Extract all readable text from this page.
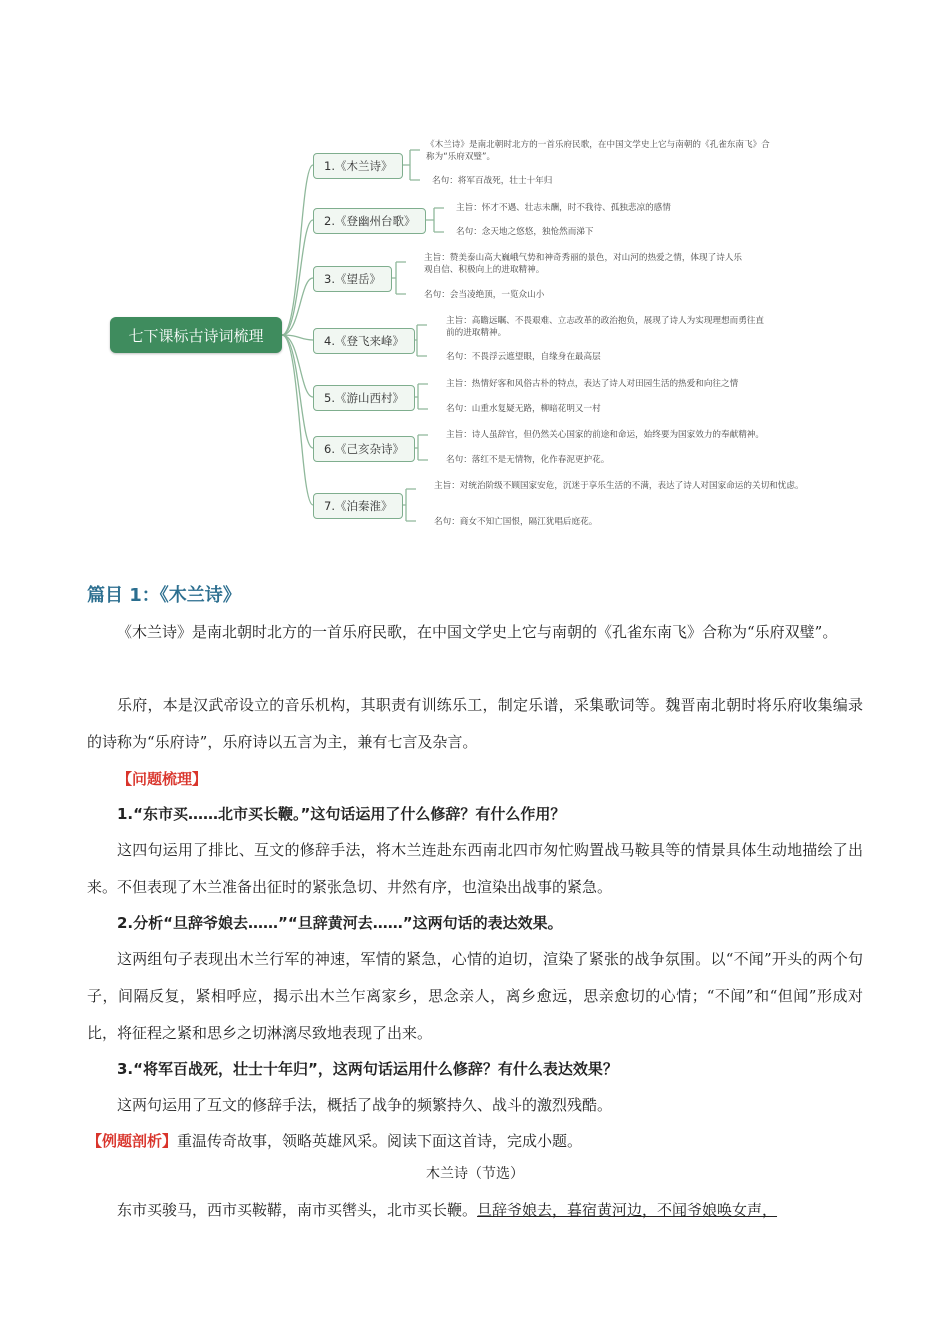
七下课标古诗词梳理
1.《木兰诗》
《木兰诗》是南北朝时北方的一首乐府民歌，在中国文学史上它与南朝的《孔雀东南飞》合称为“乐府双璧”。
名句：将军百战死，壮士十年归
2.《登幽州台歌》
主旨：怀才不遇、壮志未酬，时不我待、孤独悲凉的感情
名句：念天地之悠悠，独怆然而涕下
3.《望岳》
主旨：赞美泰山高大巍峨气势和神奇秀丽的景色，对山河的热爱之情，体现了诗人乐观自信、积极向上的进取精神。
名句：会当凌绝顶，一览众山小
4.《登飞来峰》
主旨：高瞻远瞩、不畏艰难、立志改革的政治抱负，展现了诗人为实现理想而勇往直前的进取精神。
名句：不畏浮云遮望眼，自缘身在最高层
5.《游山西村》
主旨：热情好客和风俗古朴的特点，表达了诗人对田园生活的热爱和向往之情
名句：山重水复疑无路，柳暗花明又一村
6.《己亥杂诗》
主旨：诗人虽辞官，但仍然关心国家的前途和命运，始终要为国家效力的奉献精神。
名句：落红不是无情物，化作春泥更护花。
7.《泊秦淮》
主旨：对统治阶级不顾国家安危，沉迷于享乐生活的不满，表达了诗人对国家命运的关切和忧虑。
名句：商女不知亡国恨，隔江犹唱后庭花。
篇目 1：《木兰诗》

《木兰诗》是南北朝时北方的一首乐府民歌，在中国文学史上它与南朝的《孔雀东南飞》合称为“乐府双璧”。

乐府，本是汉武帝设立的音乐机构，其职责有训练乐工，制定乐谱，采集歌词等。魏晋南北朝时将乐府收集编录的诗称为“乐府诗”，乐府诗以五言为主，兼有七言及杂言。

【问题梳理】
1.“东市买……北市买长鞭。”这句话运用了什么修辞？有什么作用？

这四句运用了排比、互文的修辞手法，将木兰连赴东西南北四市匆忙购置战马鞍具等的情景具体生动地描绘了出来。不但表现了木兰准备出征时的紧张急切、井然有序，也渲染出战事的紧急。

2.分析“旦辞爷娘去……”“旦辞黄河去……”这两句话的表达效果。

这两组句子表现出木兰行军的神速，军情的紧急，心情的迫切，渲染了紧张的战争氛围。以“不闻”开头的两个句子，间隔反复，紧相呼应，揭示出木兰乍离家乡，思念亲人，离乡愈远，思亲愈切的心情；“不闻”和“但闻”形成对比，将征程之紧和思乡之切淋漓尽致地表现了出来。

3.“将军百战死，壮士十年归”，这两句话运用什么修辞？有什么表达效果？

这两句运用了互文的修辞手法，概括了战争的频繁持久、战斗的激烈残酷。

【例题剖析】重温传奇故事，领略英雄风采。阅读下面这首诗，完成小题。
木兰诗（节选）
东市买骏马，西市买鞍鞯，南市买辔头，北市买长鞭。旦辞爷娘去，暮宿黄河边，不闻爷娘唤女声，
